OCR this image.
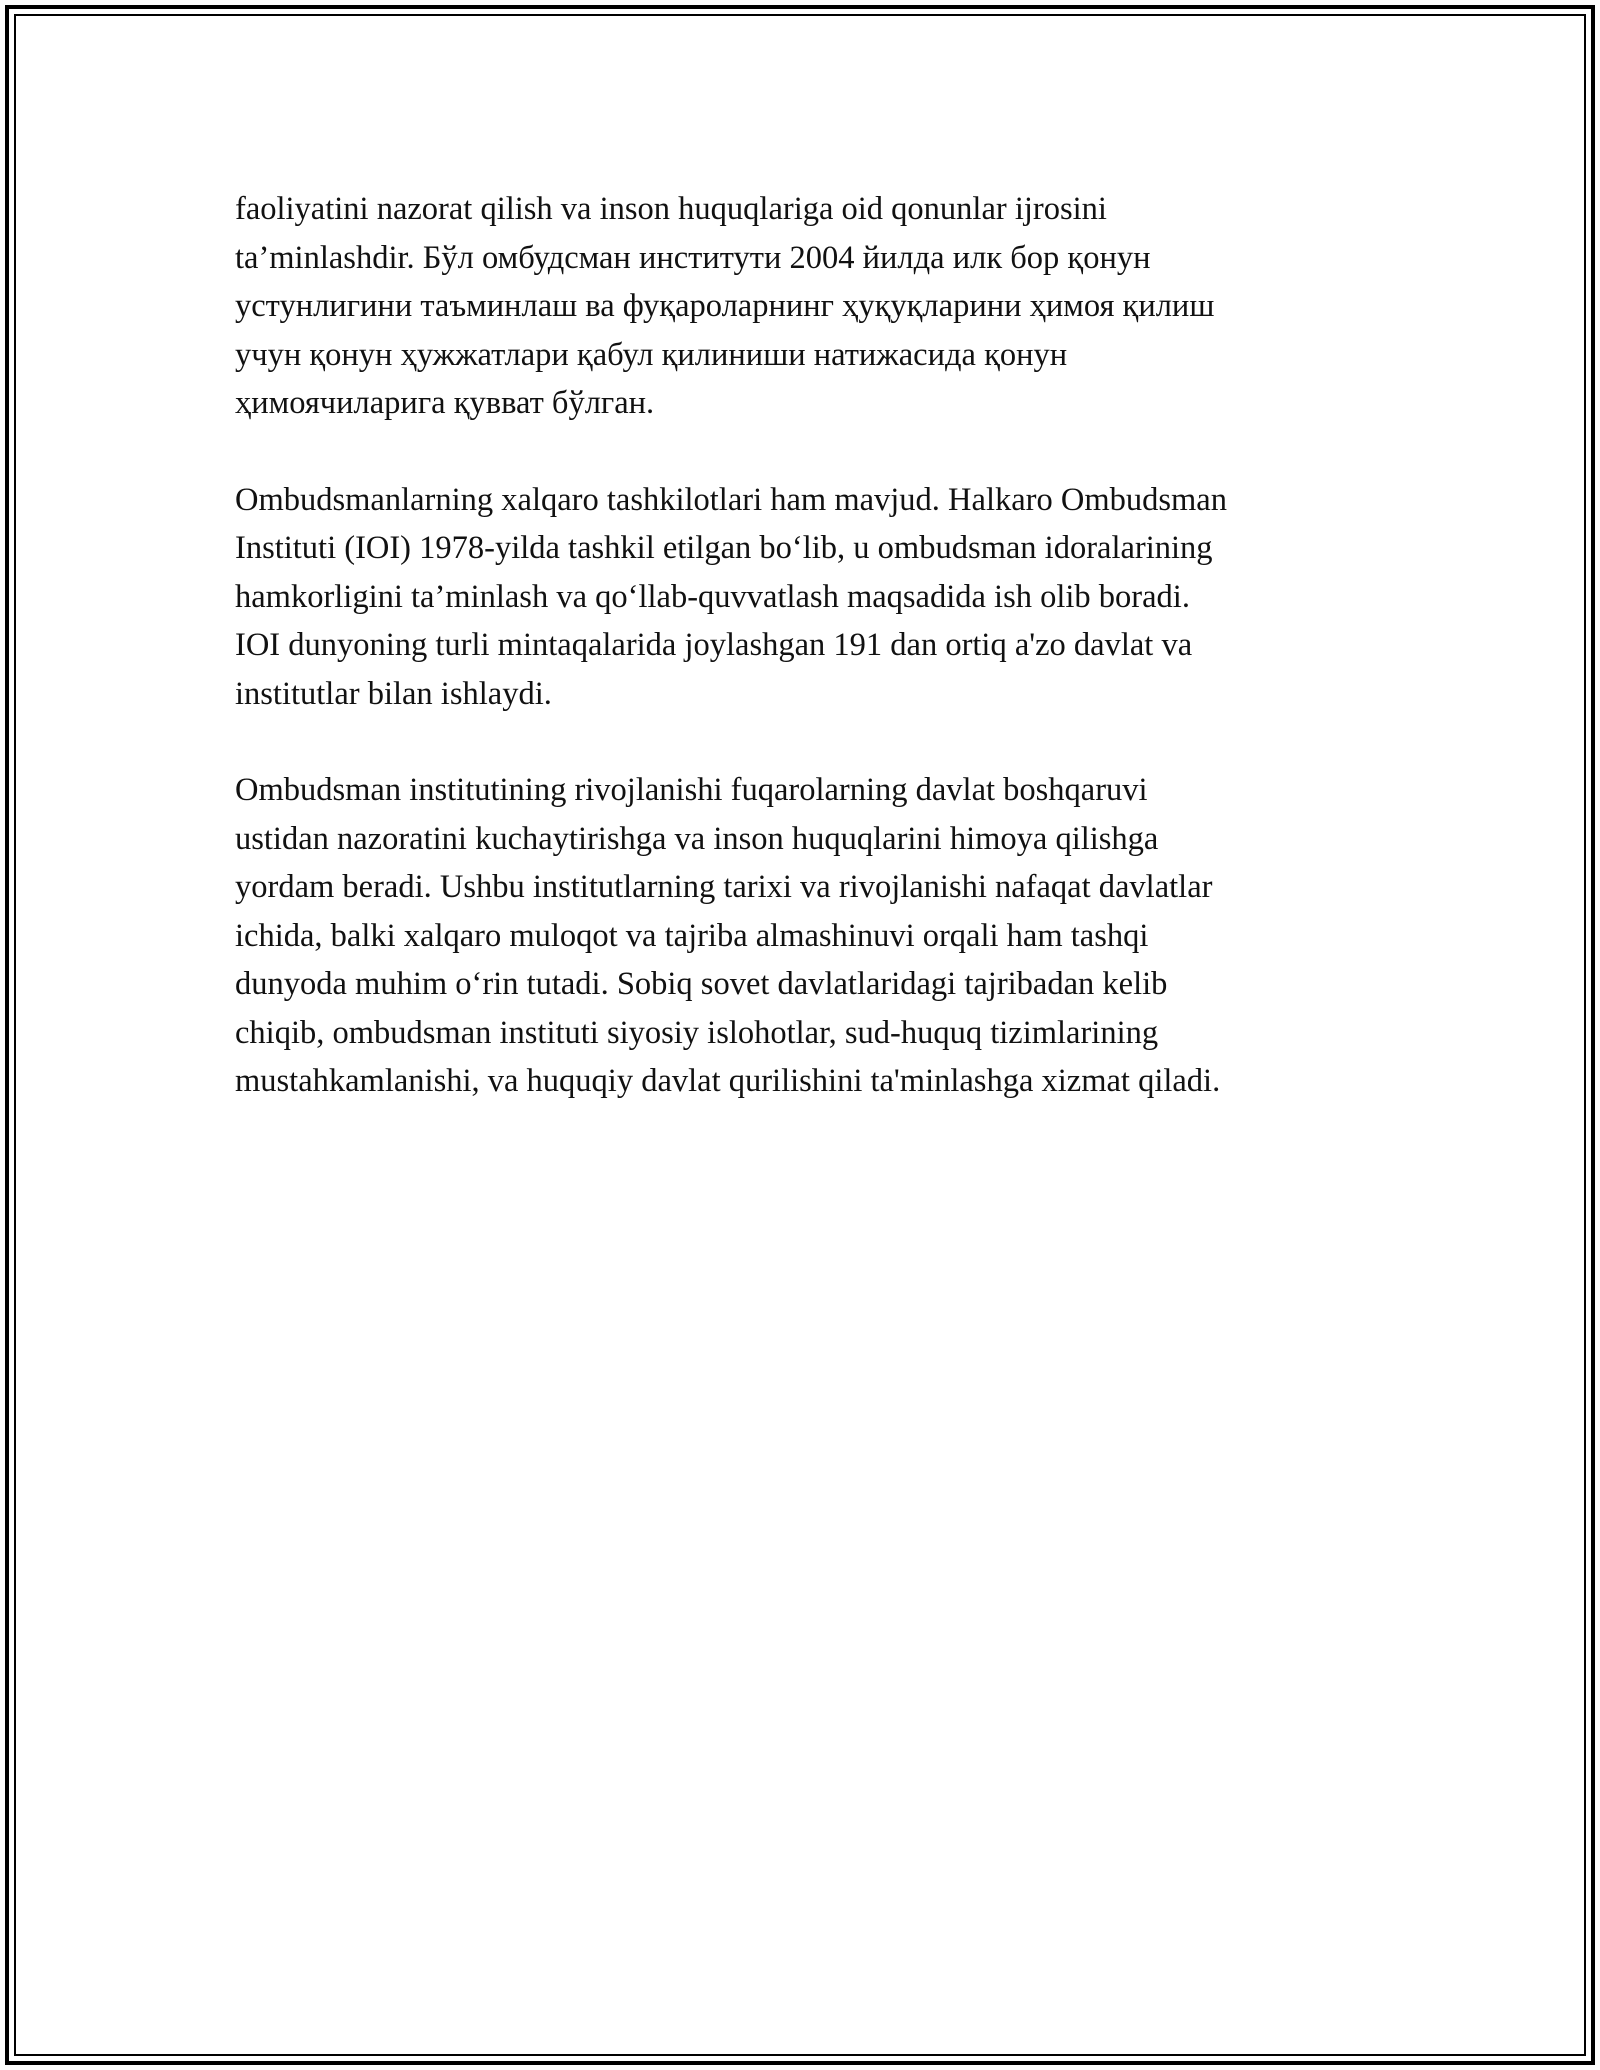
faoliyatini nazorat qilish va inson huquqlariga oid qonunlar ijrosini
ta’minlashdir. Бўл омбудсман институти 2004 йилда илк бор қонун
устунлигини таъминлаш ва фуқароларнинг ҳуқуқларини ҳимоя қилиш
учун қонун ҳужжатлари қабул қилиниши натижасида қонун
ҳимоячиларига қувват бўлган.

Ombudsmanlarning xalqaro tashkilotlari ham mavjud. Halkaro Ombudsman
Instituti (IOI) 1978-yilda tashkil etilgan bo‘lib, u ombudsman idoralarining
hamkorligini ta’minlash va qo‘llab-quvvatlash maqsadida ish olib boradi.
IOI dunyoning turli mintaqalarida joylashgan 191 dan ortiq a'zo davlat va
institutlar bilan ishlaydi.

Ombudsman institutining rivojlanishi fuqarolarning davlat boshqaruvi
ustidan nazoratini kuchaytirishga va inson huquqlarini himoya qilishga
yordam beradi. Ushbu institutlarning tarixi va rivojlanishi nafaqat davlatlar
ichida, balki xalqaro muloqot va tajriba almashinuvi orqali ham tashqi
dunyoda muhim o‘rin tutadi. Sobiq sovet davlatlaridagi tajribadan kelib
chiqib, ombudsman instituti siyosiy islohotlar, sud-huquq tizimlarining
mustahkamlanishi, va huquqiy davlat qurilishini ta'minlashga xizmat qiladi.
